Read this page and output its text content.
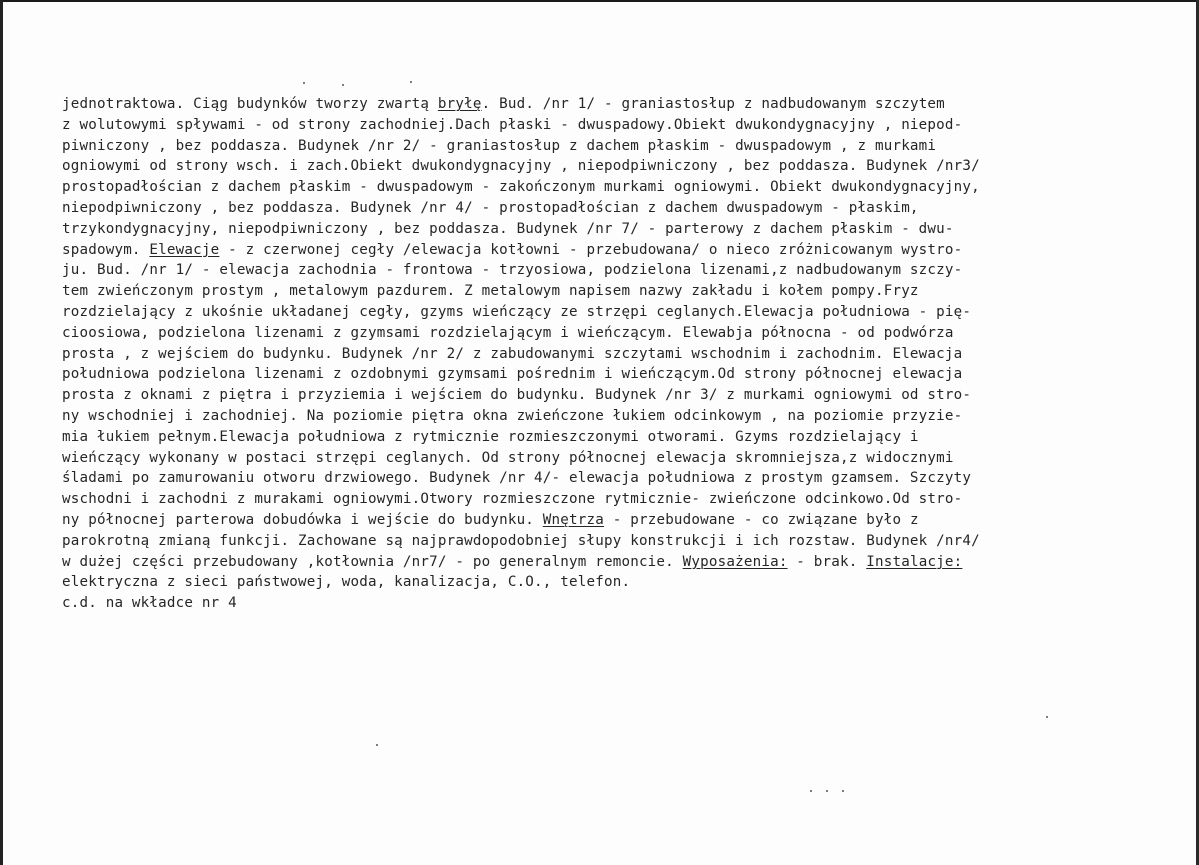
jednotraktowa. Ciąg budynków tworzy zwartą bryłę. Bud. /nr 1/ - graniastosłup z nadbudowanym szczytem
z wolutowymi spływami - od strony zachodniej.Dach płaski - dwuspadowy.Obiekt dwukondygnacyjny , niepod-
piwniczony , bez poddasza. Budynek /nr 2/ - graniastosłup z dachem płaskim - dwuspadowym , z murkami
ogniowymi od strony wsch. i zach.Obiekt dwukondygnacyjny , niepodpiwniczony , bez poddasza. Budynek /nr3/
prostopadłościan z dachem płaskim - dwuspadowym - zakończonym murkami ogniowymi. Obiekt dwukondygnacyjny,
niepodpiwniczony , bez poddasza. Budynek /nr 4/ - prostopadłościan z dachem dwuspadowym - płaskim,
trzykondygnacyjny, niepodpiwniczony , bez poddasza. Budynek /nr 7/ - parterowy z dachem płaskim - dwu-
spadowym. Elewacje - z czerwonej cegły /elewacja kotłowni - przebudowana/ o nieco zróżnicowanym wystro-
ju. Bud. /nr 1/ - elewacja zachodnia - frontowa - trzyosiowa, podzielona lizenami,z nadbudowanym szczy-
tem zwieńczonym prostym , metalowym pazdurem. Z metalowym napisem nazwy zakładu i kołem pompy.Fryz
rozdzielający z ukośnie układanej cegły, gzyms wieńczący ze strzępi ceglanych.Elewacja południowa - pię-
cioosiowa, podzielona lizenami z gzymsami rozdzielającym i wieńczącym. Elewabja północna - od podwórza
prosta , z wejściem do budynku. Budynek /nr 2/ z zabudowanymi szczytami wschodnim i zachodnim. Elewacja
południowa podzielona lizenami z ozdobnymi gzymsami pośrednim i wieńczącym.Od strony północnej elewacja
prosta z oknami z piętra i przyziemia i wejściem do budynku. Budynek /nr 3/ z murkami ogniowymi od stro-
ny wschodniej i zachodniej. Na poziomie piętra okna zwieńczone łukiem odcinkowym , na poziomie przyzie-
mia łukiem pełnym.Elewacja południowa z rytmicznie rozmieszczonymi otworami. Gzyms rozdzielający i
wieńczący wykonany w postaci strzępi ceglanych. Od strony północnej elewacja skromniejsza,z widocznymi
śladami po zamurowaniu otworu drzwiowego. Budynek /nr 4/- elewacja południowa z prostym gzamsem. Szczyty
wschodni i zachodni z murakami ogniowymi.Otwory rozmieszczone rytmicznie- zwieńczone odcinkowo.Od stro-
ny północnej parterowa dobudówka i wejście do budynku. Wnętrza - przebudowane - co związane było z
parokrotną zmianą funkcji. Zachowane są najprawdopodobniej słupy konstrukcji i ich rozstaw. Budynek /nr4/
w dużej części przebudowany ,kotłownia /nr7/ - po generalnym remoncie. Wyposażenia: - brak. Instalacje:
elektryczna z sieci państwowej, woda, kanalizacja, C.O., telefon.
c.d. na wkładce nr 4
